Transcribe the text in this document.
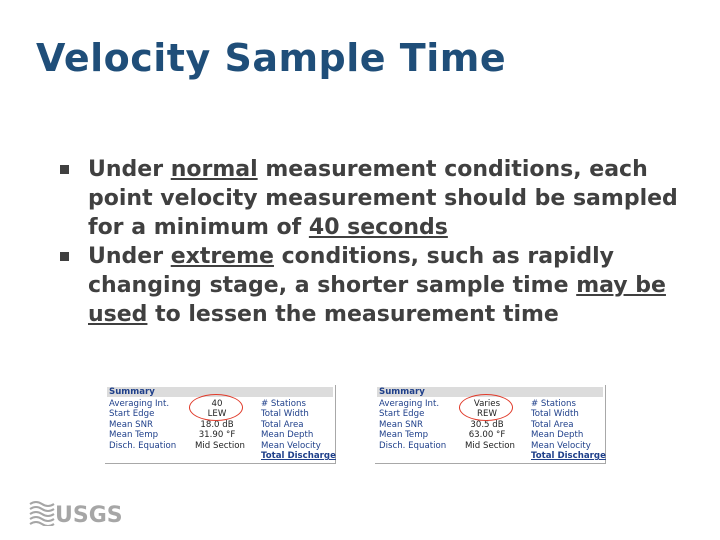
Velocity Sample Time
Under normal measurement conditions, each point velocity measurement should be sampled for a minimum of 40 seconds
Under extreme conditions, such as rapidly changing stage, a shorter sample time may be used to lessen the measurement time
Summary
Averaging Int.
Start Edge
Mean SNR
Mean Temp
Disch. Equation
40
LEW
18.0 dB
31.90 °F
Mid Section
# Stations
Total Width
Total Area
Mean Depth
Mean Velocity
Total Discharge
Summary
Averaging Int.
Start Edge
Mean SNR
Mean Temp
Disch. Equation
Varies
REW
30.5 dB
63.00 °F
Mid Section
# Stations
Total Width
Total Area
Mean Depth
Mean Velocity
Total Discharge
USGS
